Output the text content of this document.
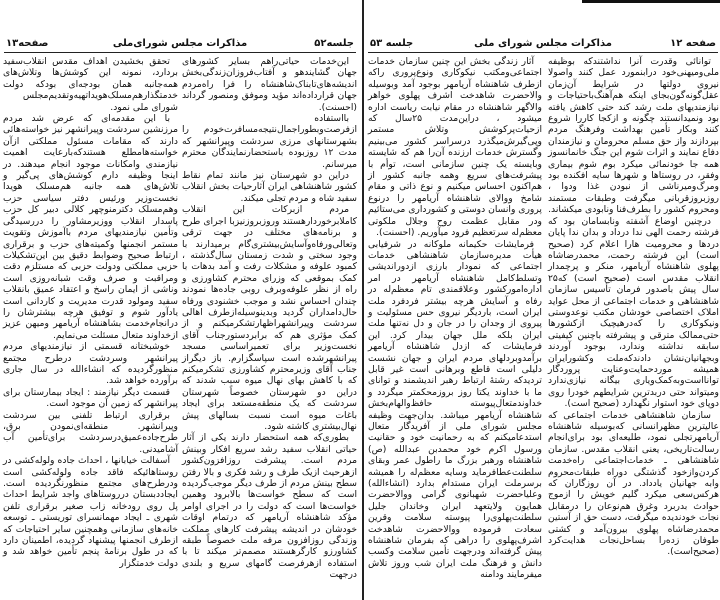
جلسه۵۲
مذاکرات مجلس شورای‌ملی
صفحه۱۳

این‌خدمات حیاتی‌راهم بسایر کشورهای جهان گشایندهو و آفتاب‌فروزان‌زندگی‌بخش اندیشه‌های‌تابناک‌شاهنشاه را فرا راه‌مردم جهان قرارداده‌اند مؤید وموفق ومنصور گرداند (احسنت).

بااستفاده ازفرصت‌وبطوراجمال‌نتیجه‌مسافرت‌خودم را بشهرستانهای مرزی سردشت وپیرانشهر که مدت ۱۲ روزبوده باستحضارنمایندگان محترم میرسانم.

دراین دو شهرستان نیز مانند تمام نقاط کشور شاهنشاهی ایران آثارحیات بخش انقلاب سفید شاه و مردم تجلی میکند.

مردم ازبرکات این انقلاب کاملابرخوردارهستند وروزبروزنیزبا اجرای طرح و برنامه‌های مختلف در جهت ترقی وتعالی‌ورفاه‌وآسایش‌بیشتری‌گام برمیدارند با وجود سختی و شدت زمستان سال‌گذشته ، کمبود علوفه و مشکلات رفت و آمد بدهات با کمک بموقعی که وزرای محترم کشاورزی و راه از نظر علوفه‌وبرف روبی جاده‌ها نمودند چندان احساس نشد و موجب خشنودی ورفاه حال‌دامداران گردید وبدینوسیله‌ازطرف اهالی سردشت وپیرانشهراظهارتشکرمیکنم و از کمک مؤثری هم که برابردستورجناب آقای نخست‌وزیر برای تعمیراساسی مسجد پیرانشهرشده است سپاسگزارم. باز دیگراز جناب آقای وزیرمحترم کشاورزی تشکرمیکنم که با کاهش بهای نهال میوه سبب شدند که دراین دو شهرستان خصوصاً شهرستان سردشت که یک منطقه‌مستعد برای ایجاد باغات میوه است نسبت بسالهای پیش نهال‌بیشتری کاشته شود.

بطوری‌که همه استحضار دارند یکی از آثار حیاتی انقلاب سفید رشد سریع افکار وبینش مردم است. پیشرفت روزافزون‌کشور ازهرحیث ازیک طرف و رشد فکری و بالا رفتن سطح بینش مردم از طرف دیگر موجب‌گردیده است که سطح خواست‌ها بالابرود وهمین خواست‌ها است که دولت را در اجرای اوامر مؤکد شاهنشاه آریامهر که درتمام اوقات خودشان در اندیشه پیشرفت کارهای مملکت وزندگی روزافزون مرفه ملت خصوصاً طبقه کشاورزو کارگرهستند مصمم‌تر میکند تا با استفاده ازهرفرصت گامهای سریع و بلندی درجهت

تحقق بخشیدن اهداف مقدس انقلاب‌سفید بردارد، نمونه این کوشش‌ها وتلاش‌های همه‌جانبه همان بودجه‌ای بودکه دولت خدمتگذارهم‌مسلک‌هویداتهیه‌وتقدیم‌مجلس شورای ملی نمود.

با این مقدمه‌ای که عرض شد مردم مرزنشین سردشت وپیرانشهر نیز خواسته‌هائی دارند که مقامات مسئول مملکتی ازآن خواسته‌هامطلع هستندکه‌بارعایت اهمیت نیازمندی وامکانات موجود انجام میدهند. در اینجا وظیفه دارم کوشش‌های پی‌گیر و تلاش‌های همه جانبه هم‌مسلک هویدا نخست‌وزیر ورئیس دفتر سیاسی حزب وهم‌مسلک دکترمنوچهر کلالی دبیر کل حزب پاسدار انقلاب ووزیرمشاور را دررسیدگی وتأمین نیازمندیهای مردم باآموزش وتقویت مستمر انجمنها وکمیته‌های حزب و برقراری ارتباط صحیح وضوابط دقیق بین این‌تشکیلات حزبی مملکتی ودولت حزبی که مستلزم دقت ومراقبت و صرف وقت شبانه‌روزی است وناشی از ایمان راسخ و اعتقاد عمیق بانقلاب سفید ومولود قدرت مدیریت و کاردانی است یادآور شوم و توفیق هرچه بیشترشان را درانجام‌خدمت بشاهنشاه آریامهر ومیهن عزیز ازخداوند متعال مسئلت می‌نمایم.

خوشبختانه قسمتی از نیازمندیهای مردم پیرانشهر وسردشت درطرح مجتمع منظورگردیده که انشاءالله در سال جاری برآورده خواهد شد.

قسمت دیگر نیازمند : ایجاد بیمارستان برای پیرانشهر که زمین آن موجود است.

برقراری ارتباط تلفنی بین سردشت وپیرانشهر. منطقه‌ای‌نمودن برق، طرح‌جاده‌عمیق‌درسردشت برای‌تأمین آب آشامیدنی.

آسفالت خیابانها ، احداث جاده ولوله‌کشی در روستاهائیکه فاقد جاده ولوله‌کشی است ودرطرح‌های مجتمع منظورنگردیده است. ایجاددبستان درروستاهای واجد شرایط احداث پل روی رودخانه زاب صغیر برقراری تلفن شهری ـ ایجاد مهمانسرای توریستی ـ توسعه خانه‌های سازمانی وهمچنین سایر احتیاجات که ازطرف انجمنها پیشنهاد گردیده، اطمینان دارد که در طول برنامهٔ پنجم تأمین خواهد شد و دولت خدمتگزار

صفحه ۱۲
مذاکرات مجلس شورای ملی
جلسه ۵۳

توانائی وقدرت آنرا نداشتندکه بوظیفه ملی‌ومیهنی‌خود درابنمورد عمل کنند واصولا نیروی دولتها در شرایط آن‌زمان عقل‌گونه‌گون‌بجای اینکه هم‌آهنگ‌باحتیاجات و نیازمندیهای ملت رشد کند حتی کاهش یافته بود ونمیدانستند چگونه و ازکجا کاررا شروع کنند وبکار تأمین بهداشت وفرهنگ مردم بپردازند واز حق مسلم محرومان و نیازمندان دفاع نمایند و اثرات شوم این جنگ خانمانسوز همه جا خودنمائی میکرد بوم شوم بیماری وفقر، در روستاها و شهرها سایه افکنده بود ومرگ‌ومیرناشی از نبودن غذا ودوا ، روزبروزقربانی میگرفت وطبقات مستمند ومحروم کشور را بطرف‌فنا ونابودی میکشاند.

درچنین اوضاع آشفته ونابسامان بود که فرشته رحمت الهی ندا درداد و بدان ندا پایان دردها و محرومیت هارا اعلام کرد (صحیح است) این فرشته رحمت، محمدرضاشاه پهلوی شاهنشاه آریامهر، منکر و پرچمدار انقلاب مقدس است (صحیح است) که۲۵ سال پیش باصدور فرمان تأسیس سازمان شاهنشاهی و خدمات اجتماعی از محل عواید املاک اختصاصی خودشان مکتب نوعدوستی ونیکوکاری را که‌درهیچیک ازکشورها حتی‌ممالک مترقی و پیشرفته باچنین کیفیتی سابقه نداشته وندارد، بوجود آوردند وبجهانیان‌نشان دادندکه‌ملت وکشورایران همیشه موردحمایت‌وعنایت پروردگار توانا‌است‌وبه‌کمک‌ویاری بیگانه نیازی‌ندارد ومیتواند حتی دربدترین شرایطهم خودرا روی دوپای خود استوار نگهدارد (صحیح است).

سازمان شاهنشاهی خدمات اجتماعی که عالیترین مظهرانسانی که‌بوسیله شاهنشاه آریامهرتجلی نمود، طلیعه‌ای بود برای‌انجام رسالت‌تاریخی، یعنی انقلاب مقدس. سازمان شاهنشاهی ـ خدمات‌اجتماعی راه‌خدمت کردن‌واز‌خود گذشتگی دوراه طبقات‌محروم وابه جهانیان یادداد. در آن روزگاران که هرکس‌سعی میکرد گلیم خویش را ازموج حوادث بدربرد وغرق هم‌نوعان را درمقابل نجات خودندیده میگرفت، دست حق از آستین محمدرضاشاه پهلوی بیرون‌آمد و کشتی طوفان زده‌را بساحل‌نجات هدایت‌کرد (صحیح‌است).

آثار زندگی بخش این چنین سازمان خدمات اجتماعی‌ومکتب نیکوکاری ونوع‌پروری راکه ازطرف شاهنشاه آریامهر بوجود آمد وبوسیله والاحضرت شاهدخت اشرف پهلوی خواهر والاگهر شاهنشاه در مقام نیابت ریاست اداره میشود ، دراین‌مدت ۲۵سال که ازحیات‌پرکوشش وتلاش مستمر وپی‌گیرش‌میگذرد درسراسر کشور می‌بینیم وگسترش خدمات ارزنده آن‌را هم که شایسته وبایسته یک چنین سازمانی است، توأم با پیشرفت‌های سریع وهمه جانبه کشور از هم‌اکنون احساس میکنیم و نوع ذاتی و مقام شامخ ووالای شاهنشاه آریامهر را درنوع پروری وانسان دوستی و کشورداری می‌ستائیم ودر مقابل عظمت روح وجلال ملکوتی معظم‌له سرتعظیم فرود میآوریم. (احسنت).

فرمایشات حکیمانه ملوکانه در شرفیابی هیأت مدیره‌سازمان شاهنشاهی خدمات اجتماعی که نمودار بارزی ازدوراندیشی وتسلط‌کامل شاهنشاه آریامهر در امر اداره‌امورکشور وعلاقمندی تام معظم‌له در رفاه و آسایش هرچه بیشتر فردفرد ملت ایران است، باردیگر نیروی حس مسئولیت و پیروی از وجدان را در جان و دل نه‌تنها ملت ایران بلکه ملل جهان بیدار کرد. این فرمایشات که ازدل شاهنشاه آریامهر برآمدوبردلهای مردم ایران و جهان نشست دلیلی است قاطع وبرهانی است غیر قابل تردیدکه رشتهٔ ارتباط رهبر اندیشمند و توانای ما با خداوند یکتا روز بروزمحکمتر میگردد و خداوندمتعال‌پیوسته حافظ‌والهام‌بخش شاهنشاه آریامهر میباشد. بدان‌جهت وظیفه مجلس شورای ملی از آفریدگار متعال استدعامیکنم که به رحمانیت خود و حقانیت ورسول اکرم خود محمدبن عبدالله (ص) شاهنشاه ورهبر بزرگ ما راطول عمر وبقای سلطنت‌عطافرماید وسایه معظم‌له را همیشه برسرملت ایران مستدام بدارد (انشاءالله) وعلیاحضرت شهبانوی گرامی ووالاحضرت همایون ولایتعهد ایران وخاندان جلیل سلطنت‌پهلوی‌را پیوسته سلامت وقرین سعادت فرموده ووالاحضرت شاهدخت اشرف‌پهلوی را دراهی که بفرمان شاهنشاه پیش گرفته‌اند ودرجهت تأمین سلامت وکسب دانش و فرهنگ ملت ایران شب وروز تلاش میفرمایند ودامنه
